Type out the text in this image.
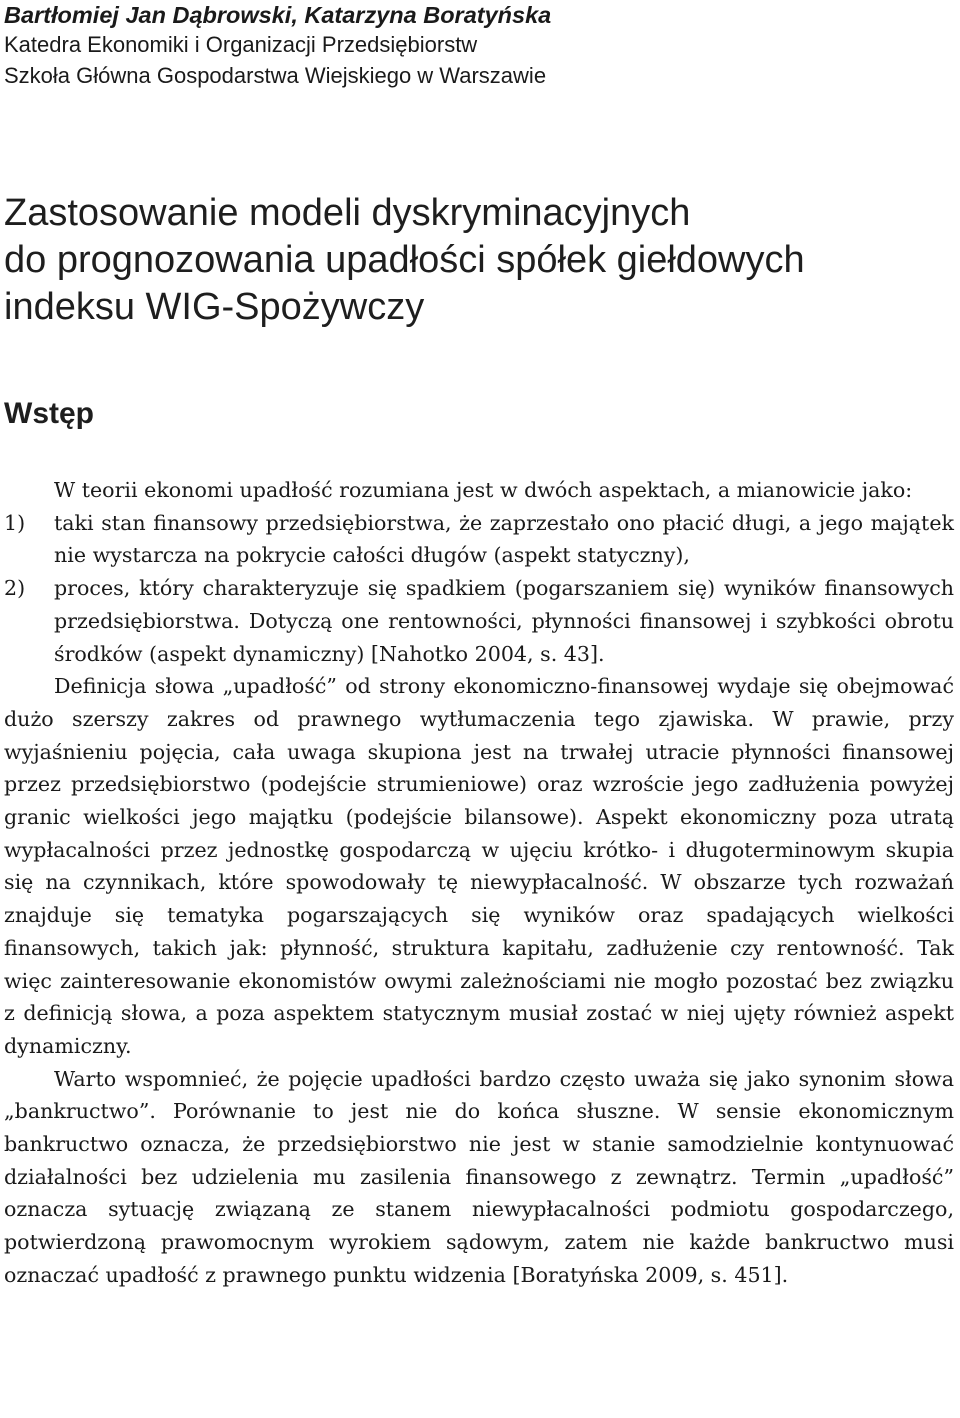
Bartłomiej Jan Dąbrowski, Katarzyna Boratyńska
Katedra Ekonomiki i Organizacji Przedsiębiorstw
Szkoła Główna Gospodarstwa Wiejskiego w Warszawie
Zastosowanie modeli dyskryminacyjnych
do prognozowania upadłości spółek giełdowych
indeksu WIG-Spożywczy
Wstęp

W teorii ekonomi upadłość rozumiana jest w dwóch aspektach, a mianowicie jako:

1) taki stan finansowy przedsiębiorstwa, że zaprzestało ono płacić długi, a jego majątek nie wystarcza na pokrycie całości długów (aspekt statyczny),
2) proces, który charakteryzuje się spadkiem (pogarszaniem się) wyników finansowych przedsiębiorstwa. Dotyczą one rentowności, płynności finansowej i szybkości obrotu środków (aspekt dynamiczny) [Nahotko 2004, s. 43].

Definicja słowa „upadłość” od strony ekonomiczno-finansowej wydaje się obejmować dużo szerszy zakres od prawnego wytłumaczenia tego zjawiska. W prawie, przy wyjaśnieniu pojęcia, cała uwaga skupiona jest na trwałej utracie płynności finansowej przez przedsiębiorstwo (podejście strumieniowe) oraz wzroście jego zadłużenia powyżej granic wielkości jego majątku (podejście bilansowe). Aspekt ekonomiczny poza utratą wypłacalności przez jednostkę gospodarczą w ujęciu krótko- i długoterminowym skupia się na czynnikach, które spowodowały tę niewypłacalność. W obszarze tych rozważań znajduje się tematyka pogarszających się wyników oraz spadających wielkości finansowych, takich jak: płynność, struktura kapitału, zadłużenie czy rentowność. Tak więc zainteresowanie ekonomistów owymi zależnościami nie mogło pozostać bez związku z definicją słowa, a poza aspektem statycznym musiał zostać w niej ujęty również aspekt dynamiczny.

Warto wspomnieć, że pojęcie upadłości bardzo często uważa się jako synonim słowa „bankructwo”. Porównanie to jest nie do końca słuszne. W sensie ekonomicznym bankructwo oznacza, że przedsiębiorstwo nie jest w stanie samodzielnie kontynuować działalności bez udzielenia mu zasilenia finansowego z zewnątrz. Termin „upadłość” oznacza sytuację związaną ze stanem niewypłacalności podmiotu gospodarczego, potwierdzoną prawomocnym wyrokiem sądowym, zatem nie każde bankructwo musi oznaczać upadłość z prawnego punktu widzenia [Boratyńska 2009, s. 451].
